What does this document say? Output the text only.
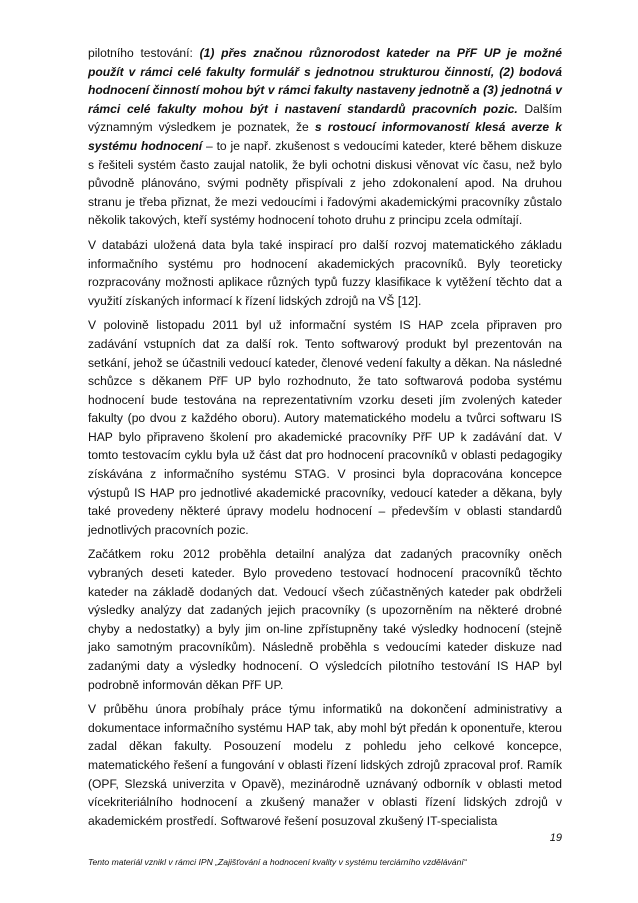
pilotního testování: (1) přes značnou různorodost kateder na PřF UP je možné použít v rámci celé fakulty formulář s jednotnou strukturou činností, (2) bodová hodnocení činností mohou být v rámci fakulty nastaveny jednotně a (3) jednotná v rámci celé fakulty mohou být i nastavení standardů pracovních pozic. Dalším významným výsledkem je poznatek, že s rostoucí informovaností klesá averze k systému hodnocení – to je např. zkušenost s vedoucími kateder, které během diskuze s řešiteli systém často zaujal natolik, že byli ochotni diskusi věnovat víc času, než bylo původně plánováno, svými podněty přispívali z jeho zdokonalení apod. Na druhou stranu je třeba přiznat, že mezi vedoucími i řadovými akademickými pracovníky zůstalo několik takových, kteří systémy hodnocení tohoto druhu z principu zcela odmítají.

V databázi uložená data byla také inspirací pro další rozvoj matematického základu informačního systému pro hodnocení akademických pracovníků. Byly teoreticky rozpracovány možnosti aplikace různých typů fuzzy klasifikace k vytěžení těchto dat a využití získaných informací k řízení lidských zdrojů na VŠ [12].

V polovině listopadu 2011 byl už informační systém IS HAP zcela připraven pro zadávání vstupních dat za další rok. Tento softwarový produkt byl prezentován na setkání, jehož se účastnili vedoucí kateder, členové vedení fakulty a děkan. Na následné schůzce s děkanem PřF UP bylo rozhodnuto, že tato softwarová podoba systému hodnocení bude testována na reprezentativním vzorku deseti jím zvolených kateder fakulty (po dvou z každého oboru). Autory matematického modelu a tvůrci softwaru IS HAP bylo připraveno školení pro akademické pracovníky PřF UP k zadávání dat. V tomto testovacím cyklu byla už část dat pro hodnocení pracovníků v oblasti pedagogiky získávána z informačního systému STAG. V prosinci byla dopracována koncepce výstupů IS HAP pro jednotlivé akademické pracovníky, vedoucí kateder a děkana, byly také provedeny některé úpravy modelu hodnocení – především v oblasti standardů jednotlivých pracovních pozic.

Začátkem roku 2012 proběhla detailní analýza dat zadaných pracovníky oněch vybraných deseti kateder. Bylo provedeno testovací hodnocení pracovníků těchto kateder na základě dodaných dat. Vedoucí všech zúčastněných kateder pak obdrželi výsledky analýzy dat zadaných jejich pracovníky (s upozorněním na některé drobné chyby a nedostatky) a byly jim on-line zpřístupněny také výsledky hodnocení (stejně jako samotným pracovníkům). Následně proběhla s vedoucími kateder diskuze nad zadanými daty a výsledky hodnocení. O výsledcích pilotního testování IS HAP byl podrobně informován děkan PřF UP.

V průběhu února probíhaly práce týmu informatiků na dokončení administrativy a dokumentace informačního systému HAP tak, aby mohl být předán k oponentuře, kterou zadal děkan fakulty. Posouzení modelu z pohledu jeho celkové koncepce, matematického řešení a fungování v oblasti řízení lidských zdrojů zpracoval prof. Ramík (OPF, Slezská univerzita v Opavě), mezinárodně uznávaný odborník v oblasti metod vícekriteriálního hodnocení a zkušený manažer v oblasti řízení lidských zdrojů v akademickém prostředí. Softwarové řešení posuzoval zkušený IT-specialista

19
Tento materiál vznikl v rámci IPN „Zajišťování a hodnocení kvality v systému terciárního vzdělávání“
